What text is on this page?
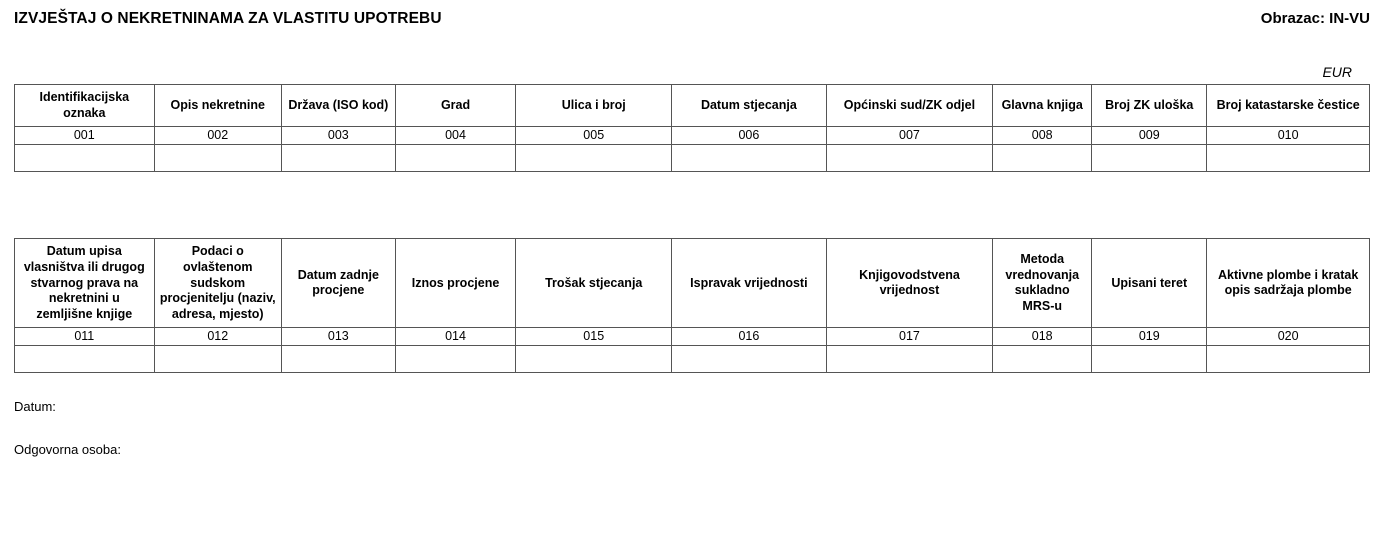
IZVJEŠTAJ O NEKRETNINAMA ZA VLASTITU UPOTREBU	Obrazac: IN-VU
EUR
Identifikacijska oznaka	Opis nekretnine	Država (ISO kod)	Grad	Ulica i broj	Datum stjecanja	Općinski sud/ZK odjel	Glavna knjiga	Broj ZK uloška	Broj katastarske čestice
001	002	003	004	005	006	007	008	009	010

Datum upisa vlasništva ili drugog stvarnog prava na nekretnini u zemljišne knjige	Podaci o ovlaštenom sudskom procjenitelju (naziv, adresa, mjesto)	Datum zadnje procjene	Iznos procjene	Trošak stjecanja	Ispravak vrijednosti	Knjigovodstvena vrijednost	Metoda vrednovanja sukladno MRS-u	Upisani teret	Aktivne plombe i kratak opis sadržaja plombe
011	012	013	014	015	016	017	018	019	020

Datum:
Odgovorna osoba:
